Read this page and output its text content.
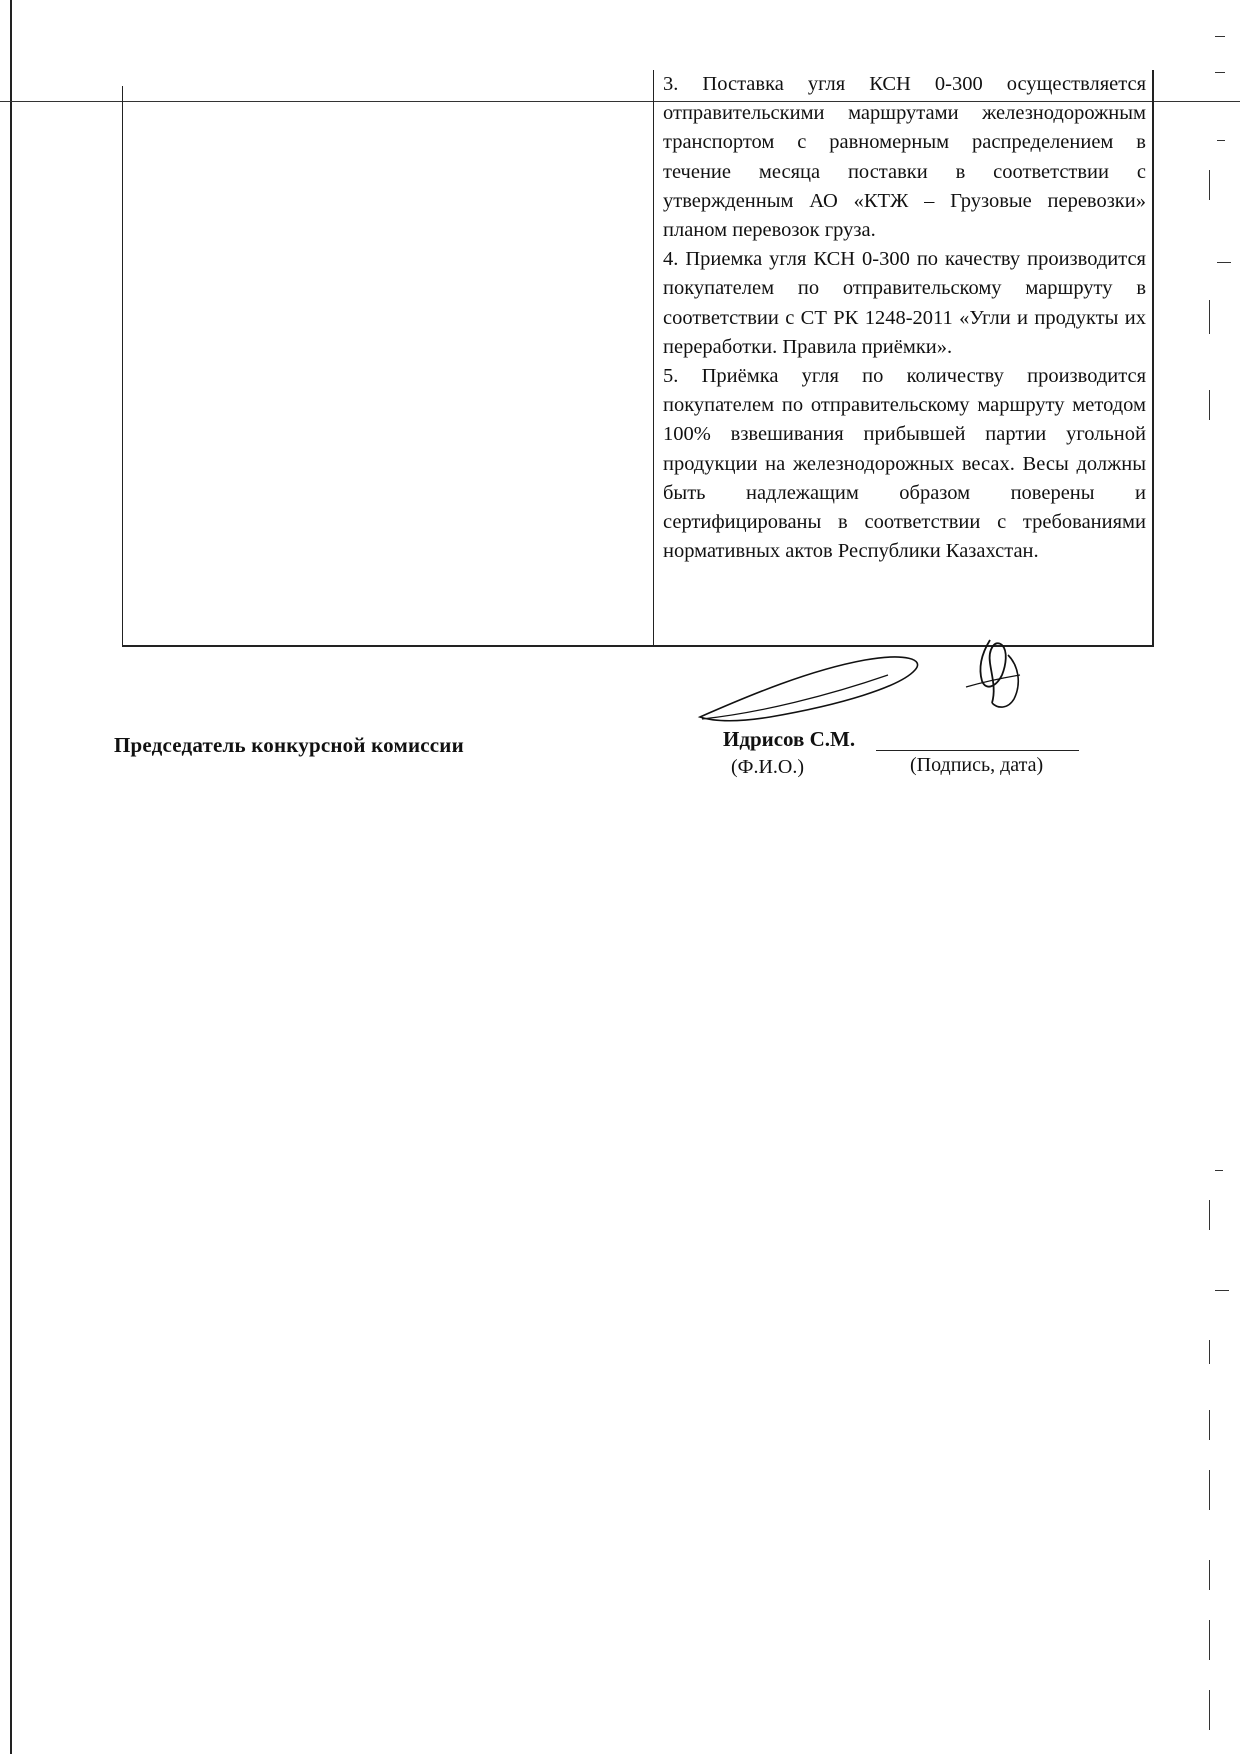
3. Поставка угля КСН 0-300 осуществляется отправительскими маршрутами железнодорожным транспортом с равномерным распределением в течение месяца поставки в соответствии с утвержденным АО «КТЖ – Грузовые перевозки» планом перевозок груза.

4. Приемка угля КСН 0-300 по качеству производится покупателем по отправительскому маршруту в соответствии с СТ РК 1248-2011 «Угли и продукты их переработки. Правила приёмки».

5. Приёмка угля по количеству производится покупателем по отправительскому маршруту методом 100% взвешивания прибывшей партии угольной продукции на железнодорожных весах. Весы должны быть надлежащим образом поверены и сертифицированы в соответствии с требованиями нормативных актов Республики Казахстан.

Председатель конкурсной комиссии	Идрисов С.М.
(Ф.И.О.)	(Подпись, дата)
